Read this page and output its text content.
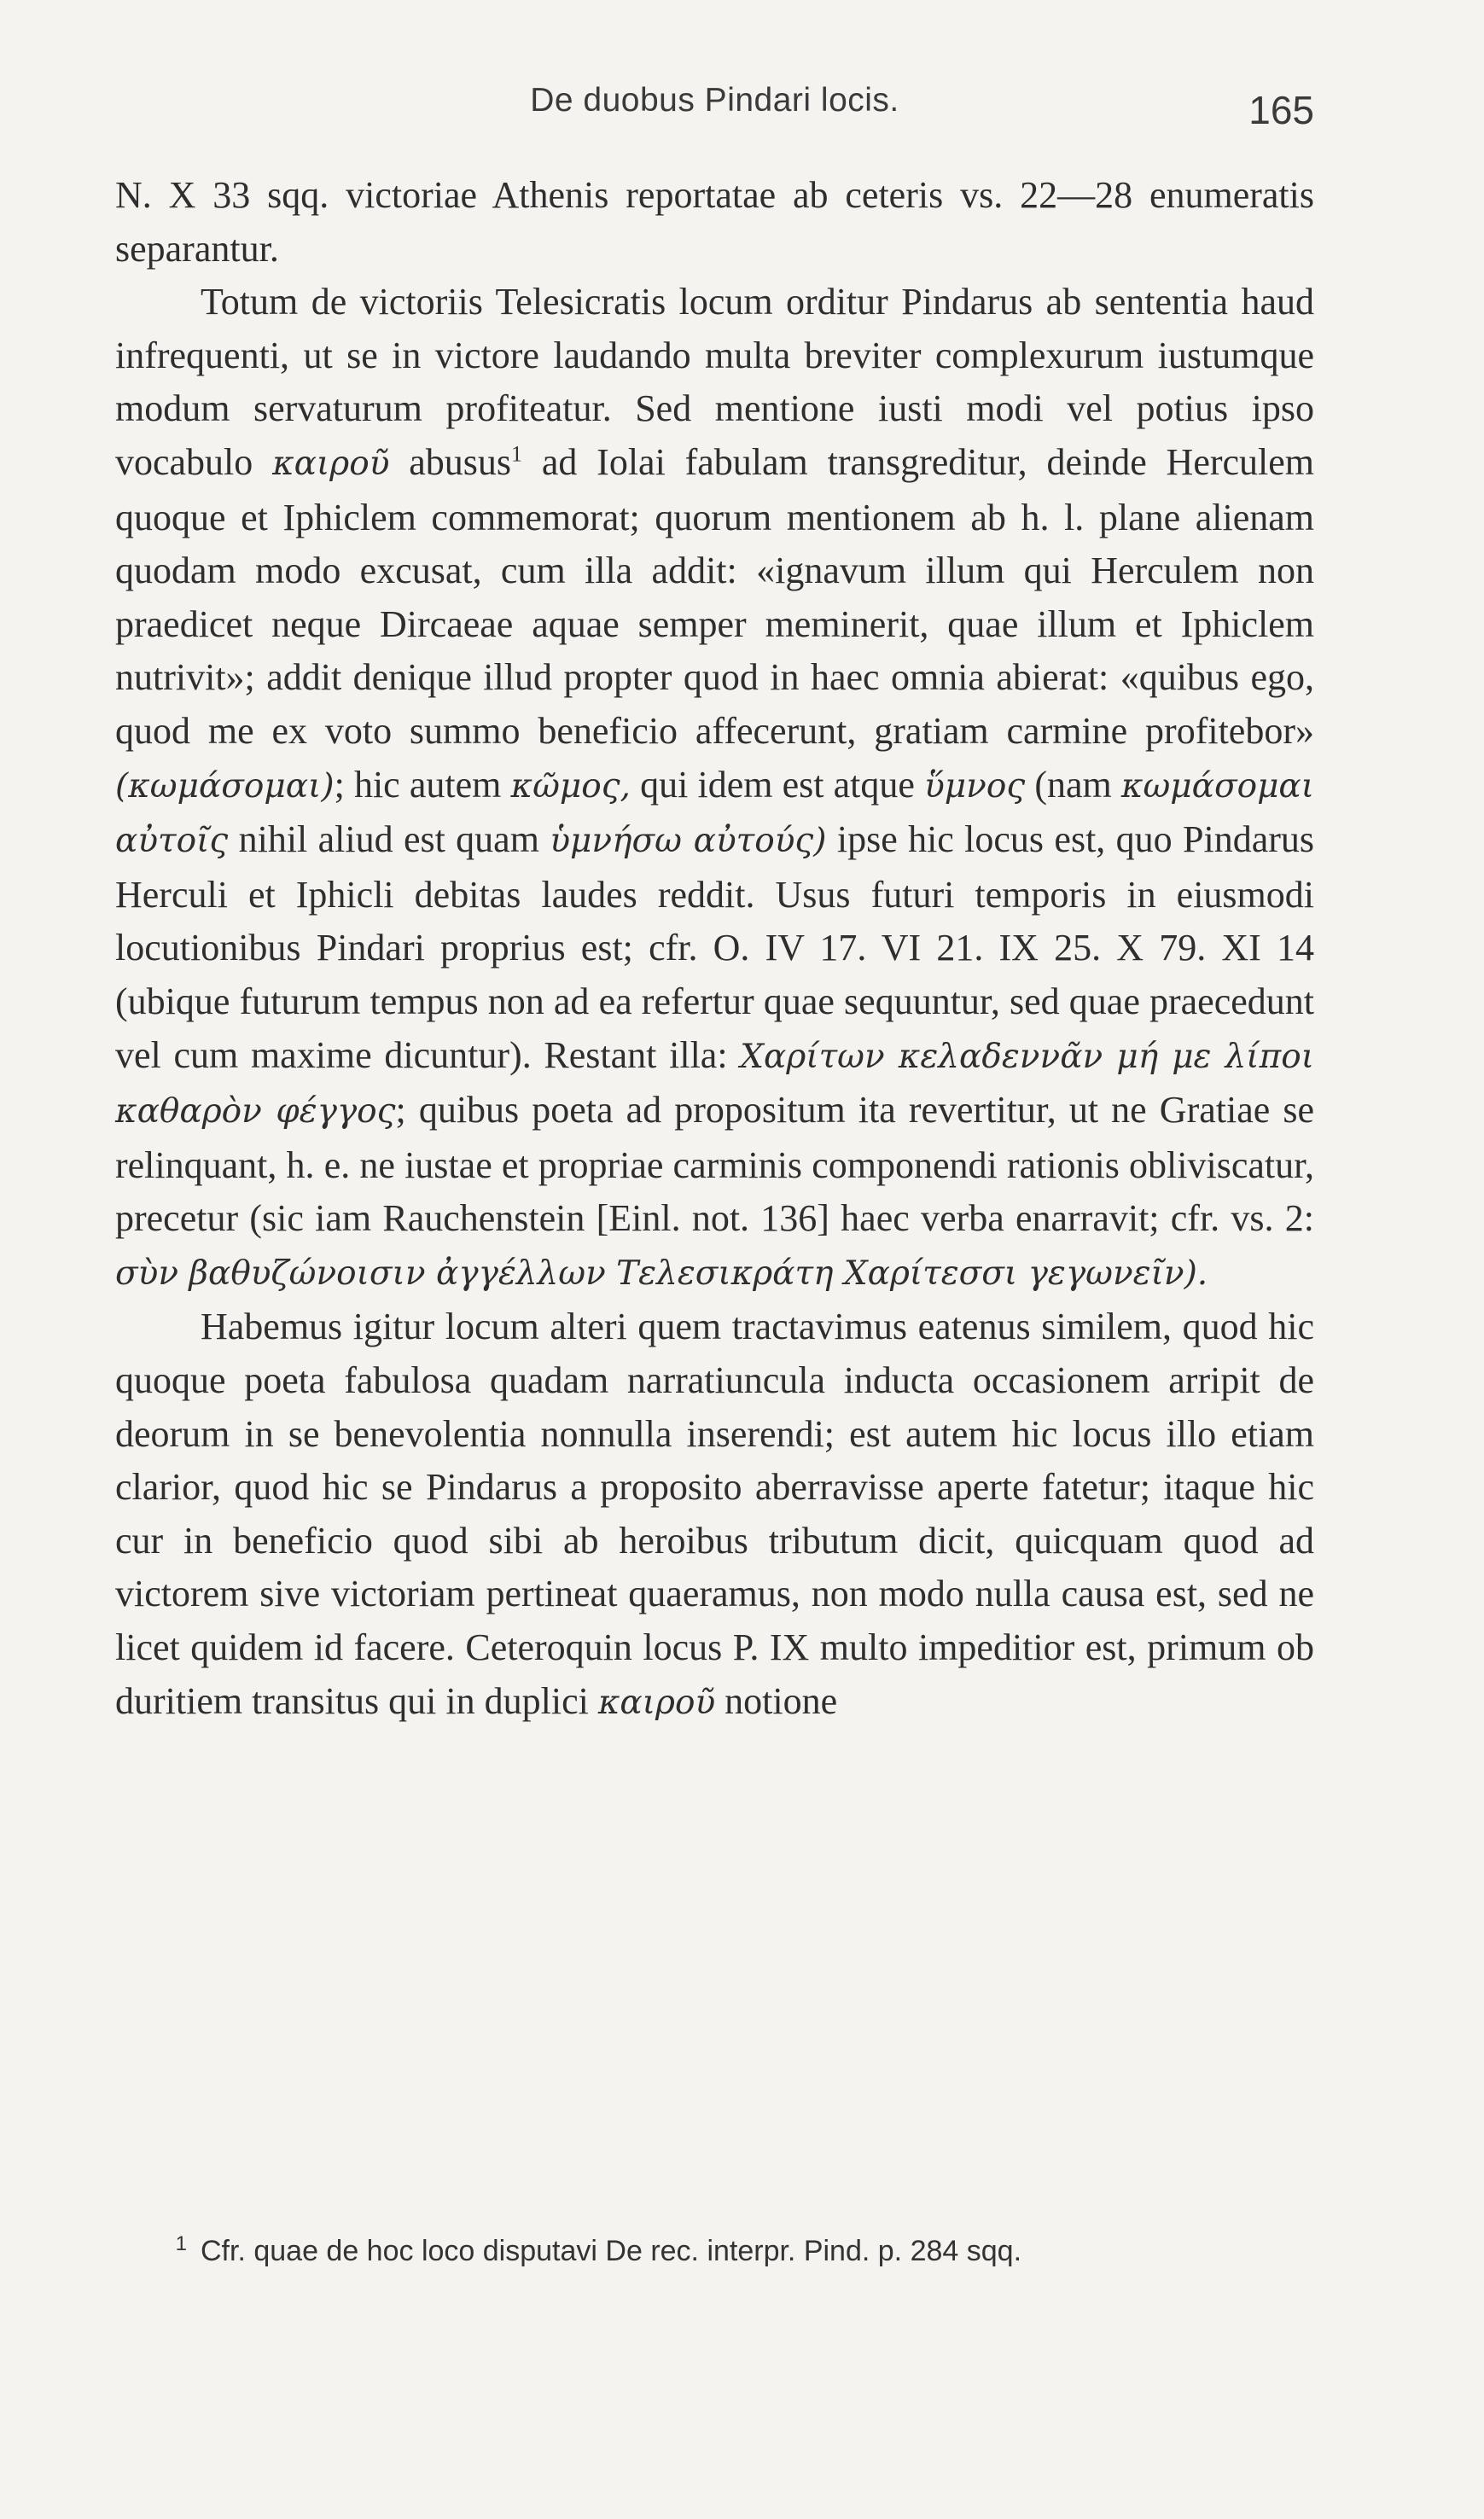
De duobus Pindari locis.	165

N. X 33 sqq. victoriae Athenis reportatae ab ceteris vs. 22—28 enumeratis separantur.

Totum de victoriis Telesicratis locum orditur Pindarus ab sententia haud infrequenti, ut se in victore laudando multa breviter complexurum iustumque modum servaturum profiteatur. Sed mentione iusti modi vel potius ipso vocabulo καιροῦ abusus$^1$ ad Iolai fabulam transgreditur, deinde Herculem quoque et Iphiclem commemorat; quorum mentionem ab h. l. plane alienam quodam modo excusat, cum illa addit: «ignavum illum qui Herculem non praedicet neque Dircaeae aquae semper meminerit, quae illum et Iphiclem nutrivit»; addit denique illud propter quod in haec omnia abierat: «quibus ego, quod me ex voto summo beneficio affecerunt, gratiam carmine profitebor» (κωμάσομαι); hic autem κῶμος, qui idem est atque ὕμνος (nam κωμάσομαι αὐτοῖς nihil aliud est quam ὑμνήσω αὐτούς) ipse hic locus est, quo Pindarus Herculi et Iphicli debitas laudes reddit. Usus futuri temporis in eiusmodi locutionibus Pindari proprius est; cfr. O. IV 17. VI 21. IX 25. X 79. XI 14 (ubique futurum tempus non ad ea refertur quae sequuntur, sed quae praecedunt vel cum maxime dicuntur). Restant illa: Χαρίτων κελαδεννᾶν μή με λίποι καθαρὸν φέγγος; quibus poeta ad propositum ita revertitur, ut ne Gratiae se relinquant, h. e. ne iustae et propriae carminis componendi rationis obliviscatur, precetur (sic iam Rauchenstein [Einl. not. 136] haec verba enarravit; cfr. vs. 2: σὺν βαθυζώνοισιν ἀγγέλλων Τελεσικράτη Χαρίτεσσι γεγωνεῖν).

Habemus igitur locum alteri quem tractavimus eatenus similem, quod hic quoque poeta fabulosa quadam narratiuncula inducta occasionem arripit de deorum in se benevolentia nonnulla inserendi; est autem hic locus illo etiam clarior, quod hic se Pindarus a proposito aberravisse aperte fatetur; itaque hic cur in beneficio quod sibi ab heroibus tributum dicit, quicquam quod ad victorem sive victoriam pertineat quaeramus, non modo nulla causa est, sed ne licet quidem id facere. Ceteroquin locus P. IX multo impeditior est, primum ob duritiem transitus qui in duplici καιροῦ notione

1 Cfr. quae de hoc loco disputavi De rec. interpr. Pind. p. 284 sqq.
